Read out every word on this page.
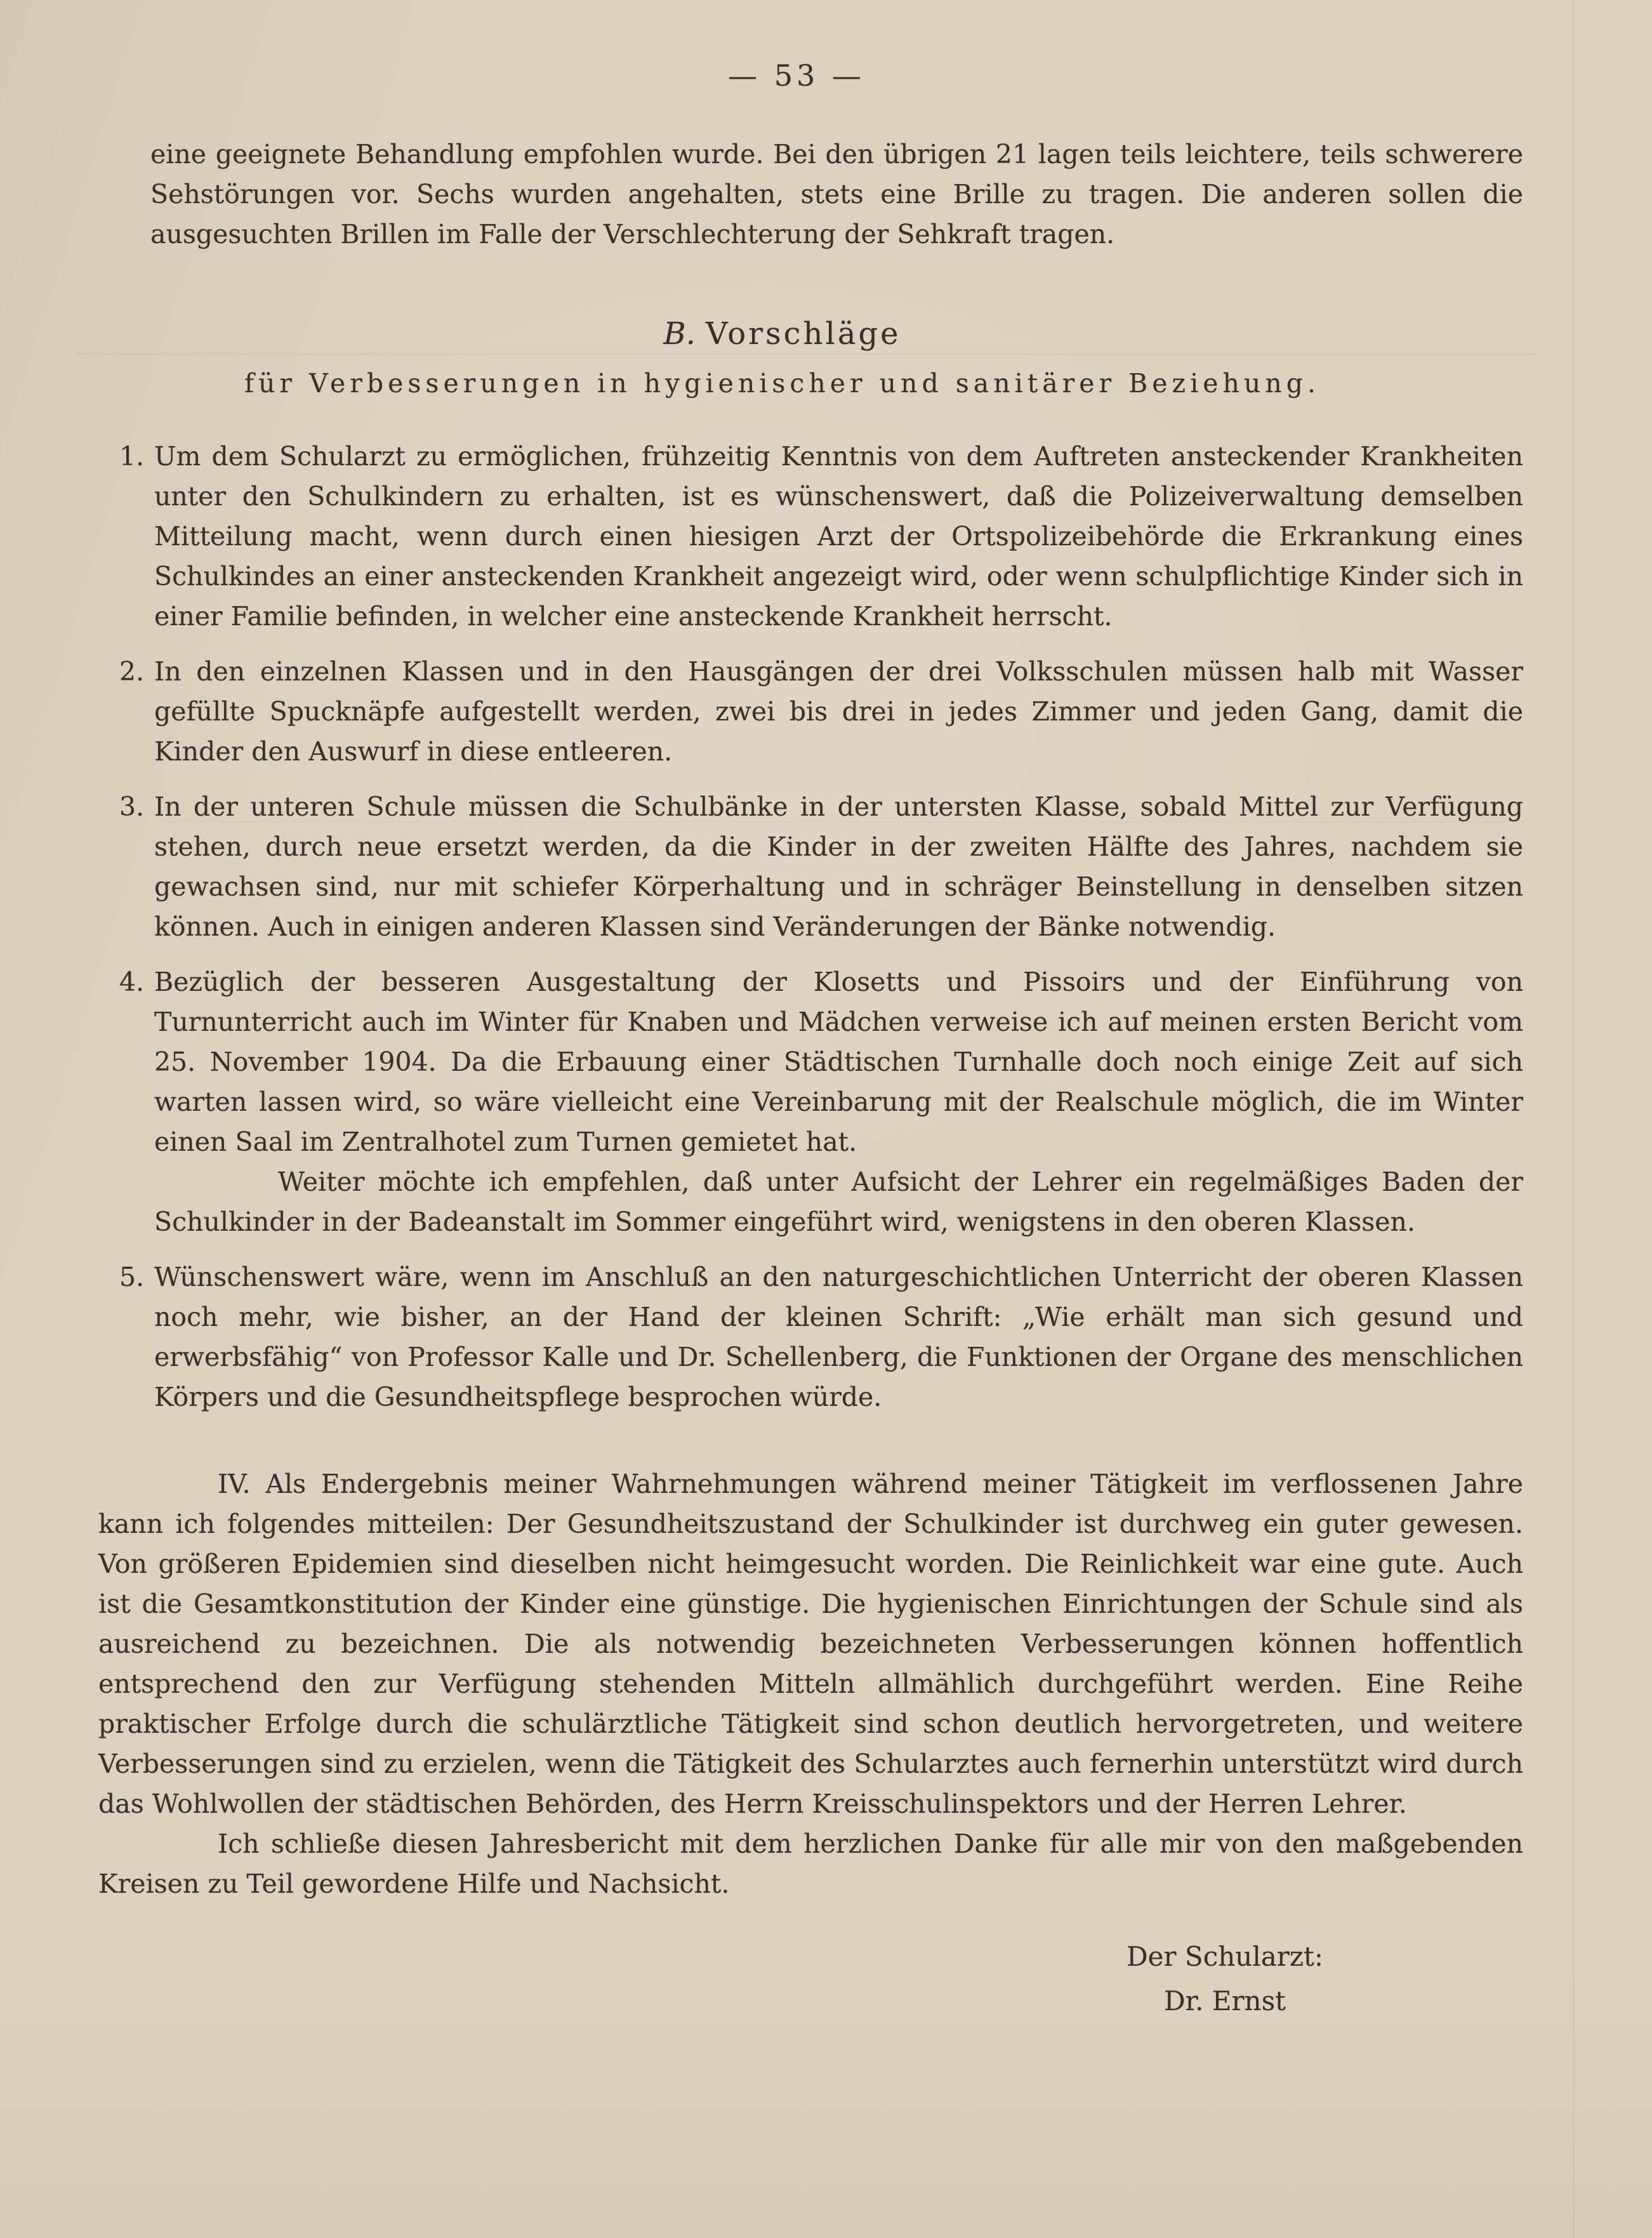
— 53 —

eine geeignete Behandlung empfohlen wurde. Bei den übrigen 21 lagen teils leichtere, teils schwerere Sehstörungen vor. Sechs wurden angehalten, stets eine Brille zu tragen. Die anderen sollen die ausgesuchten Brillen im Falle der Verschlechterung der Sehkraft tragen.

B. Vorschläge
für Verbesserungen in hygienischer und sanitärer Beziehung.
1. Um dem Schularzt zu ermöglichen, frühzeitig Kenntnis von dem Auftreten ansteckender Krankheiten unter den Schulkindern zu erhalten, ist es wünschenswert, daß die Polizeiverwaltung demselben Mitteilung macht, wenn durch einen hiesigen Arzt der Ortspolizeibehörde die Erkrankung eines Schulkindes an einer ansteckenden Krankheit angezeigt wird, oder wenn schulpflichtige Kinder sich in einer Familie befinden, in welcher eine ansteckende Krankheit herrscht.

2. In den einzelnen Klassen und in den Hausgängen der drei Volksschulen müssen halb mit Wasser gefüllte Spucknäpfe aufgestellt werden, zwei bis drei in jedes Zimmer und jeden Gang, damit die Kinder den Auswurf in diese entleeren.

3. In der unteren Schule müssen die Schulbänke in der untersten Klasse, sobald Mittel zur Verfügung stehen, durch neue ersetzt werden, da die Kinder in der zweiten Hälfte des Jahres, nachdem sie gewachsen sind, nur mit schiefer Körperhaltung und in schräger Beinstellung in denselben sitzen können. Auch in einigen anderen Klassen sind Veränderungen der Bänke notwendig.

4. Bezüglich der besseren Ausgestaltung der Klosetts und Pissoirs und der Einführung von Turnunterricht auch im Winter für Knaben und Mädchen verweise ich auf meinen ersten Bericht vom 25. November 1904. Da die Erbauung einer Städtischen Turnhalle doch noch einige Zeit auf sich warten lassen wird, so wäre vielleicht eine Vereinbarung mit der Realschule möglich, die im Winter einen Saal im Zentralhotel zum Turnen gemietet hat.

Weiter möchte ich empfehlen, daß unter Aufsicht der Lehrer ein regelmäßiges Baden der Schulkinder in der Badeanstalt im Sommer eingeführt wird, wenigstens in den oberen Klassen.

5. Wünschenswert wäre, wenn im Anschluß an den naturgeschichtlichen Unterricht der oberen Klassen noch mehr, wie bisher, an der Hand der kleinen Schrift: „Wie erhält man sich gesund und erwerbsfähig“ von Professor Kalle und Dr. Schellenberg, die Funktionen der Organe des menschlichen Körpers und die Gesundheitspflege besprochen würde.

IV. Als Endergebnis meiner Wahrnehmungen während meiner Tätigkeit im verflossenen Jahre kann ich folgendes mitteilen: Der Gesundheitszustand der Schulkinder ist durchweg ein guter gewesen. Von größeren Epidemien sind dieselben nicht heimgesucht worden. Die Reinlichkeit war eine gute. Auch ist die Gesamtkonstitution der Kinder eine günstige. Die hygienischen Einrichtungen der Schule sind als ausreichend zu bezeichnen. Die als notwendig bezeichneten Verbesserungen können hoffentlich entsprechend den zur Verfügung stehenden Mitteln allmählich durchgeführt werden. Eine Reihe praktischer Erfolge durch die schulärztliche Tätigkeit sind schon deutlich hervorgetreten, und weitere Verbesserungen sind zu erzielen, wenn die Tätigkeit des Schularztes auch fernerhin unterstützt wird durch das Wohlwollen der städtischen Behörden, des Herrn Kreisschulinspektors und der Herren Lehrer.

Ich schließe diesen Jahresbericht mit dem herzlichen Danke für alle mir von den maßgebenden Kreisen zu Teil gewordene Hilfe und Nachsicht.

Der Schularzt:
Dr. Ernst
